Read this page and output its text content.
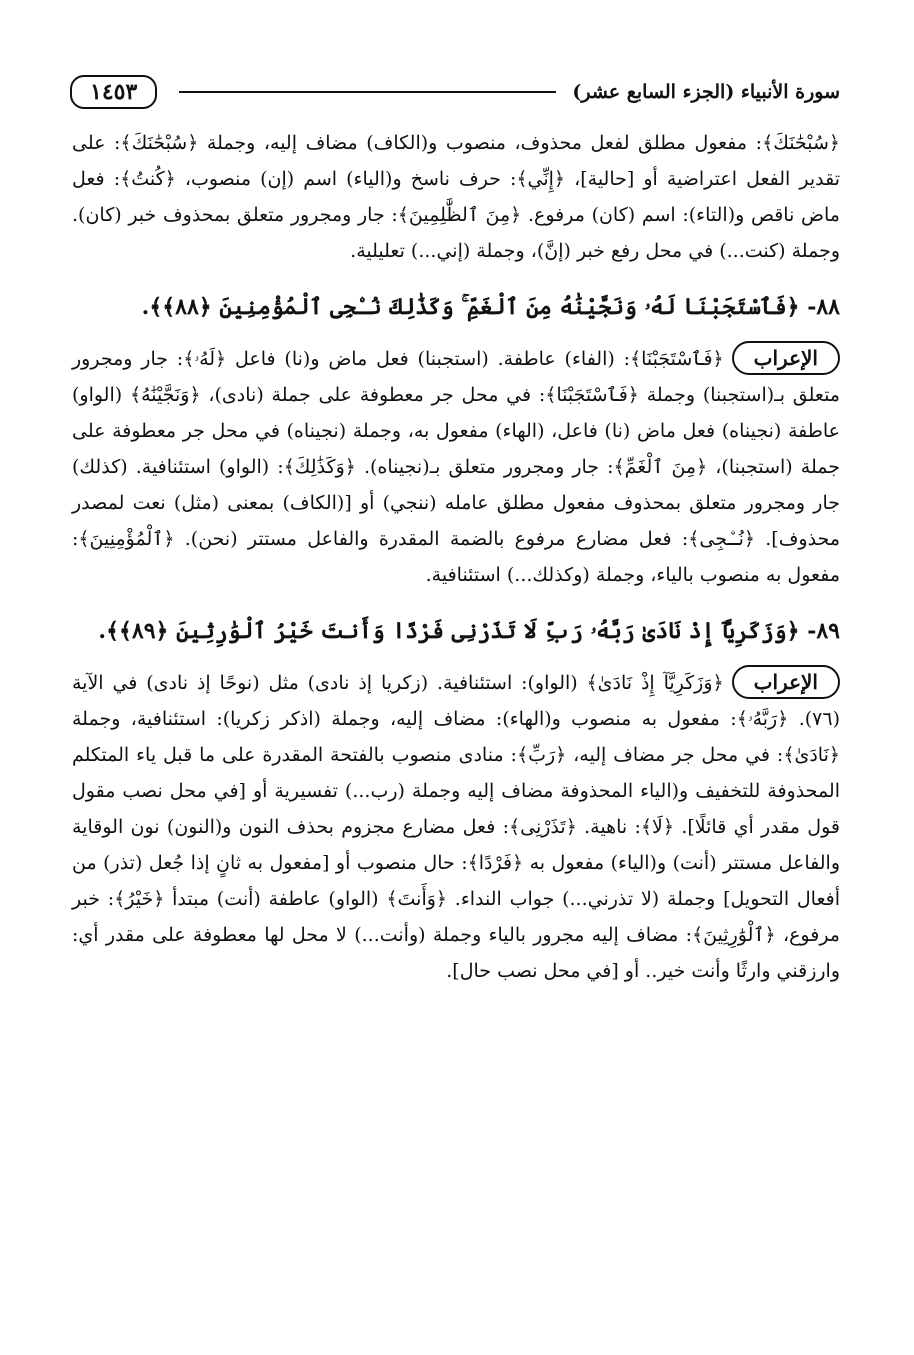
سورة الأنبياء (الجزء السابع عشر)
١٤٥٣

﴿سُبْحَٰنَكَ﴾: مفعول مطلق لفعل محذوف، منصوب و(الكاف) مضاف إليه، وجملة ﴿سُبْحَٰنَكَ﴾: على تقدير الفعل اعتراضية أو [حالية]، ﴿إِنِّي﴾: حرف ناسخ و(الياء) اسم (إن) منصوب، ﴿كُنتُ﴾: فعل ماض ناقص و(التاء): اسم (كان) مرفوع. ﴿مِنَ ٱلظَّٰلِمِينَ﴾: جار ومجرور متعلق بمحذوف خبر (كان). وجملة (كنت...) في محل رفع خبر (إنَّ)، وجملة (إني...) تعليلية.

٨٨- ﴿فَٱسْتَجَبْنَا لَهُۥ وَنَجَّيْنَٰهُ مِنَ ٱلْغَمِّ ۚ وَكَذَٰلِكَ نُـۨجِى ٱلْمُؤْمِنِينَ ﴿٨٨﴾﴾.

الإعراب﴿فَٱسْتَجَبْنَا﴾: (الفاء) عاطفة. (استجبنا) فعل ماض و(نا) فاعل ﴿لَهُۥ﴾: جار ومجرور متعلق بـ(استجبنا) وجملة ﴿فَٱسْتَجَبْنَا﴾: في محل جر معطوفة على جملة (نادى)، ﴿وَنَجَّيْنَٰهُ﴾ (الواو) عاطفة (نجيناه) فعل ماض (نا) فاعل، (الهاء) مفعول به، وجملة (نجيناه) في محل جر معطوفة على جملة (استجبنا)، ﴿مِنَ ٱلْغَمِّ﴾: جار ومجرور متعلق بـ(نجيناه). ﴿وَكَذَٰلِكَ﴾: (الواو) استئنافية. (كذلك) جار ومجرور متعلق بمحذوف مفعول مطلق عامله (ننجي) أو [(الكاف) بمعنى (مثل) نعت لمصدر محذوف]. ﴿نُـۨجِى﴾: فعل مضارع مرفوع بالضمة المقدرة والفاعل مستتر (نحن). ﴿ٱلْمُؤْمِنِينَ﴾: مفعول به منصوب بالياء، وجملة (وكذلك...) استئنافية.

٨٩- ﴿وَزَكَرِيَّآ إِذْ نَادَىٰ رَبَّهُۥ رَبِّ لَا تَذَرْنِى فَرْدًا وَأَنتَ خَيْرُ ٱلْوَٰرِثِينَ ﴿٨٩﴾﴾.

الإعراب﴿وَزَكَرِيَّآ إِذْ نَادَىٰ﴾ (الواو): استئنافية. (زكريا إذ نادى) مثل (نوحًا إذ نادى) في الآية (٧٦). ﴿رَبَّهُۥ﴾: مفعول به منصوب و(الهاء): مضاف إليه، وجملة (اذكر زكريا): استئنافية، وجملة ﴿نَادَىٰ﴾: في محل جر مضاف إليه، ﴿رَبِّ﴾: منادى منصوب بالفتحة المقدرة على ما قبل ياء المتكلم المحذوفة للتخفيف و(الياء المحذوفة مضاف إليه وجملة (رب...) تفسيرية أو [في محل نصب مقول قول مقدر أي قائلًا]. ﴿لَا﴾: ناهية. ﴿تَذَرْنِى﴾: فعل مضارع مجزوم بحذف النون و(النون) نون الوقاية والفاعل مستتر (أنت) و(الياء) مفعول به ﴿فَرْدًا﴾: حال منصوب أو [مفعول به ثانٍ إذا جُعل (تذر) من أفعال التحويل] وجملة (لا تذرني...) جواب النداء. ﴿وَأَنتَ﴾ (الواو) عاطفة (أنت) مبتدأ ﴿خَيْرُ﴾: خبر مرفوع، ﴿ٱلْوَٰرِثِينَ﴾: مضاف إليه مجرور بالياء وجملة (وأنت...) لا محل لها معطوفة على مقدر أي: وارزقني وارثًا وأنت خير.. أو [في محل نصب حال].
